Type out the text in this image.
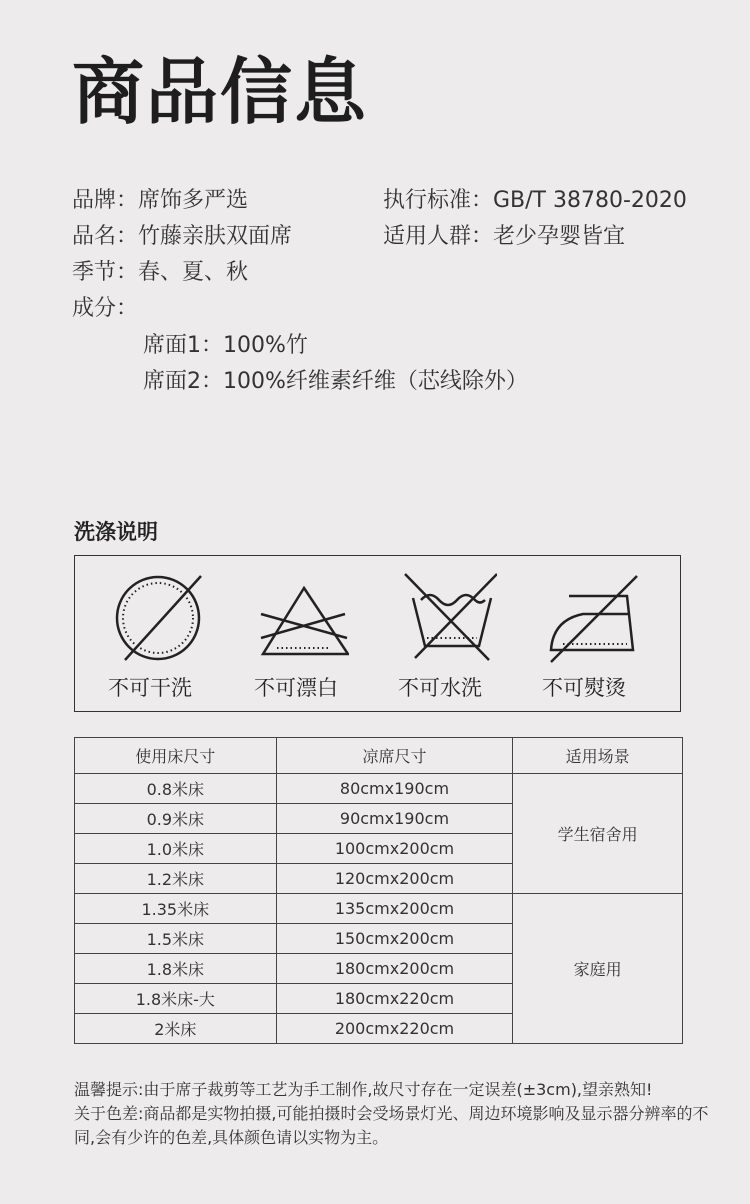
商品信息
品牌：席饰多严选	执行标准：GB/T 38780-2020
品名：竹藤亲肤双面席	适用人群：老少孕婴皆宜
季节：春、夏、秋
成分：
席面1：100%竹
席面2：100%纤维素纤维（芯线除外）
洗涤说明
不可干洗	不可漂白	不可水洗	不可熨烫
使用床尺寸	凉席尺寸	适用场景
0.8米床	80cmx190cm	学生宿舍用
0.9米床	90cmx190cm	
1.0米床	100cmx200cm	
1.2米床	120cmx200cm	
1.35米床	135cmx200cm	家庭用
1.5米床	150cmx200cm	
1.8米床	180cmx200cm	
1.8米床-大	180cmx220cm	
2米床	200cmx220cm	
温馨提示:由于席子裁剪等工艺为手工制作,故尺寸存在一定误差(±3cm),望亲熟知!
关于色差:商品都是实物拍摄,可能拍摄时会受场景灯光、周边环境影响及显示器分辨率的不同,会有少许的色差,具体颜色请以实物为主。
